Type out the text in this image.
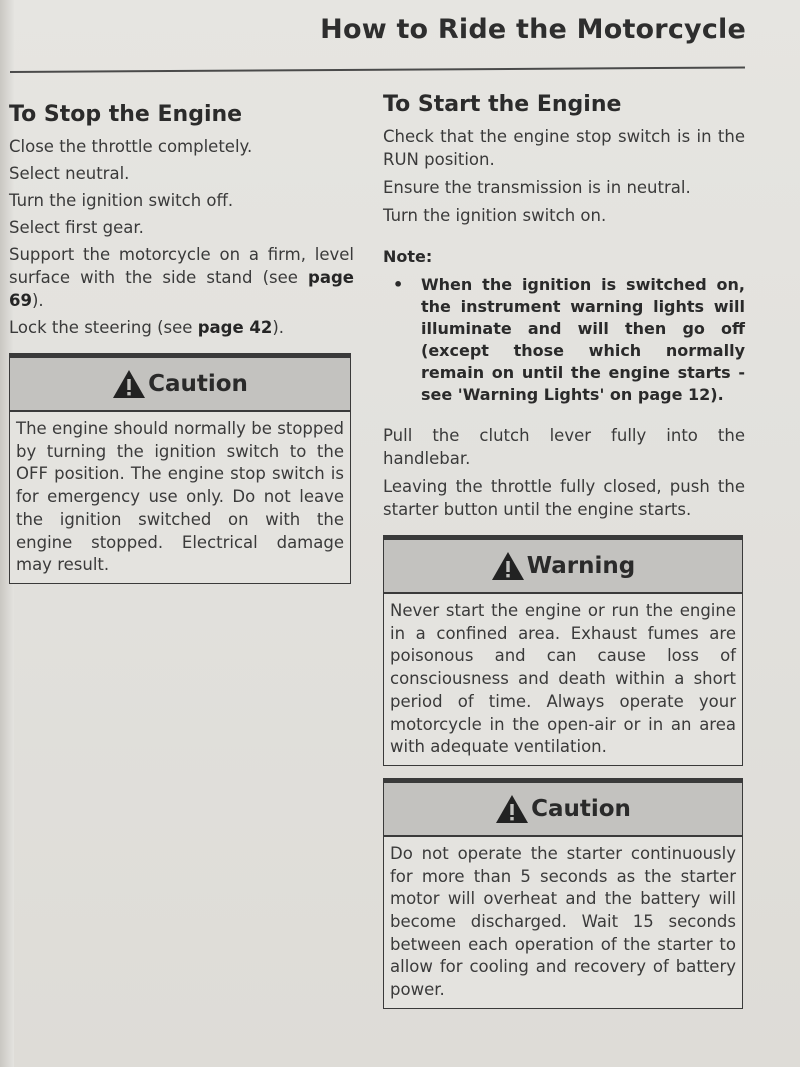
How to Ride the Motorcycle
To Stop the Engine

Close the throttle completely.

Select neutral.

Turn the ignition switch off.

Select first gear.

Support the motorcycle on a firm, level surface with the side stand (see page 69).

Lock the steering (see page 42).

Caution
The engine should normally be stopped by turning the ignition switch to the OFF position. The engine stop switch is for emergency use only. Do not leave the ignition switched on with the engine stopped. Electrical damage may result.
To Start the Engine

Check that the engine stop switch is in the RUN position.

Ensure the transmission is in neutral.

Turn the ignition switch on.

Note:
• When the ignition is switched on, the instrument warning lights will illuminate and will then go off (except those which normally remain on until the engine starts - see 'Warning Lights' on page 12).

Pull the clutch lever fully into the handlebar.

Leaving the throttle fully closed, push the starter button until the engine starts.

Warning
Never start the engine or run the engine in a confined area. Exhaust fumes are poisonous and can cause loss of consciousness and death within a short period of time. Always operate your motorcycle in the open-air or in an area with adequate ventilation.
Caution
Do not operate the starter continuously for more than 5 seconds as the starter motor will overheat and the battery will become discharged. Wait 15 seconds between each operation of the starter to allow for cooling and recovery of battery power.
